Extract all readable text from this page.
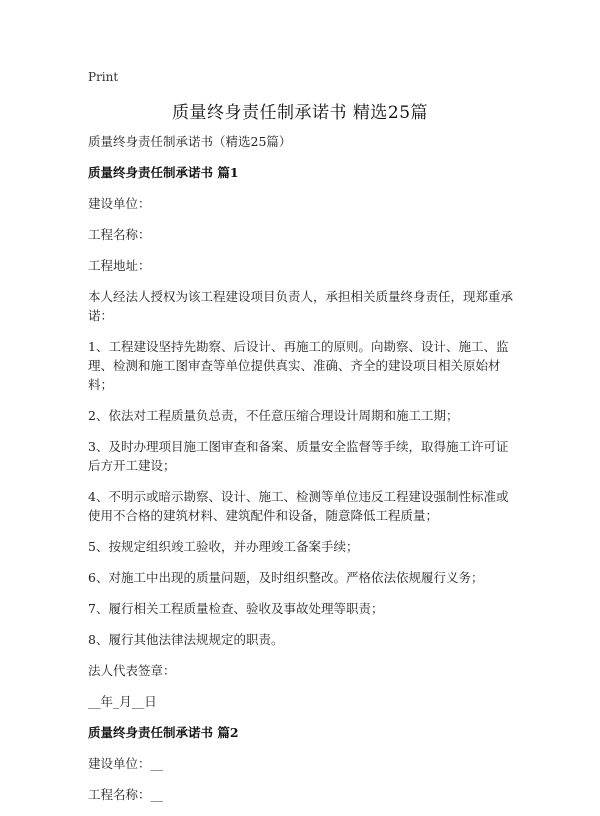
Print
质量终身责任制承诺书 精选25篇

质量终身责任制承诺书（精选25篇）

质量终身责任制承诺书 篇1

建设单位：

工程名称：

工程地址：

本人经法人授权为该工程建设项目负责人，承担相关质量终身责任，现郑重承诺：

1、工程建设坚持先勘察、后设计、再施工的原则。向勘察、设计、施工、监理、检测和施工图审查等单位提供真实、准确、齐全的建设项目相关原始材料；

2、依法对工程质量负总责，不任意压缩合理设计周期和施工工期；

3、及时办理项目施工图审查和备案、质量安全监督等手续，取得施工许可证后方开工建设；

4、不明示或暗示勘察、设计、施工、检测等单位违反工程建设强制性标准或使用不合格的建筑材料、建筑配件和设备，随意降低工程质量；

5、按规定组织竣工验收，并办理竣工备案手续；

6、对施工中出现的质量问题，及时组织整改。严格依法依规履行义务；

7、履行相关工程质量检查、验收及事故处理等职责；

8、履行其他法律法规规定的职责。

法人代表签章：

__年_月__日

质量终身责任制承诺书 篇2

建设单位：__

工程名称：__
